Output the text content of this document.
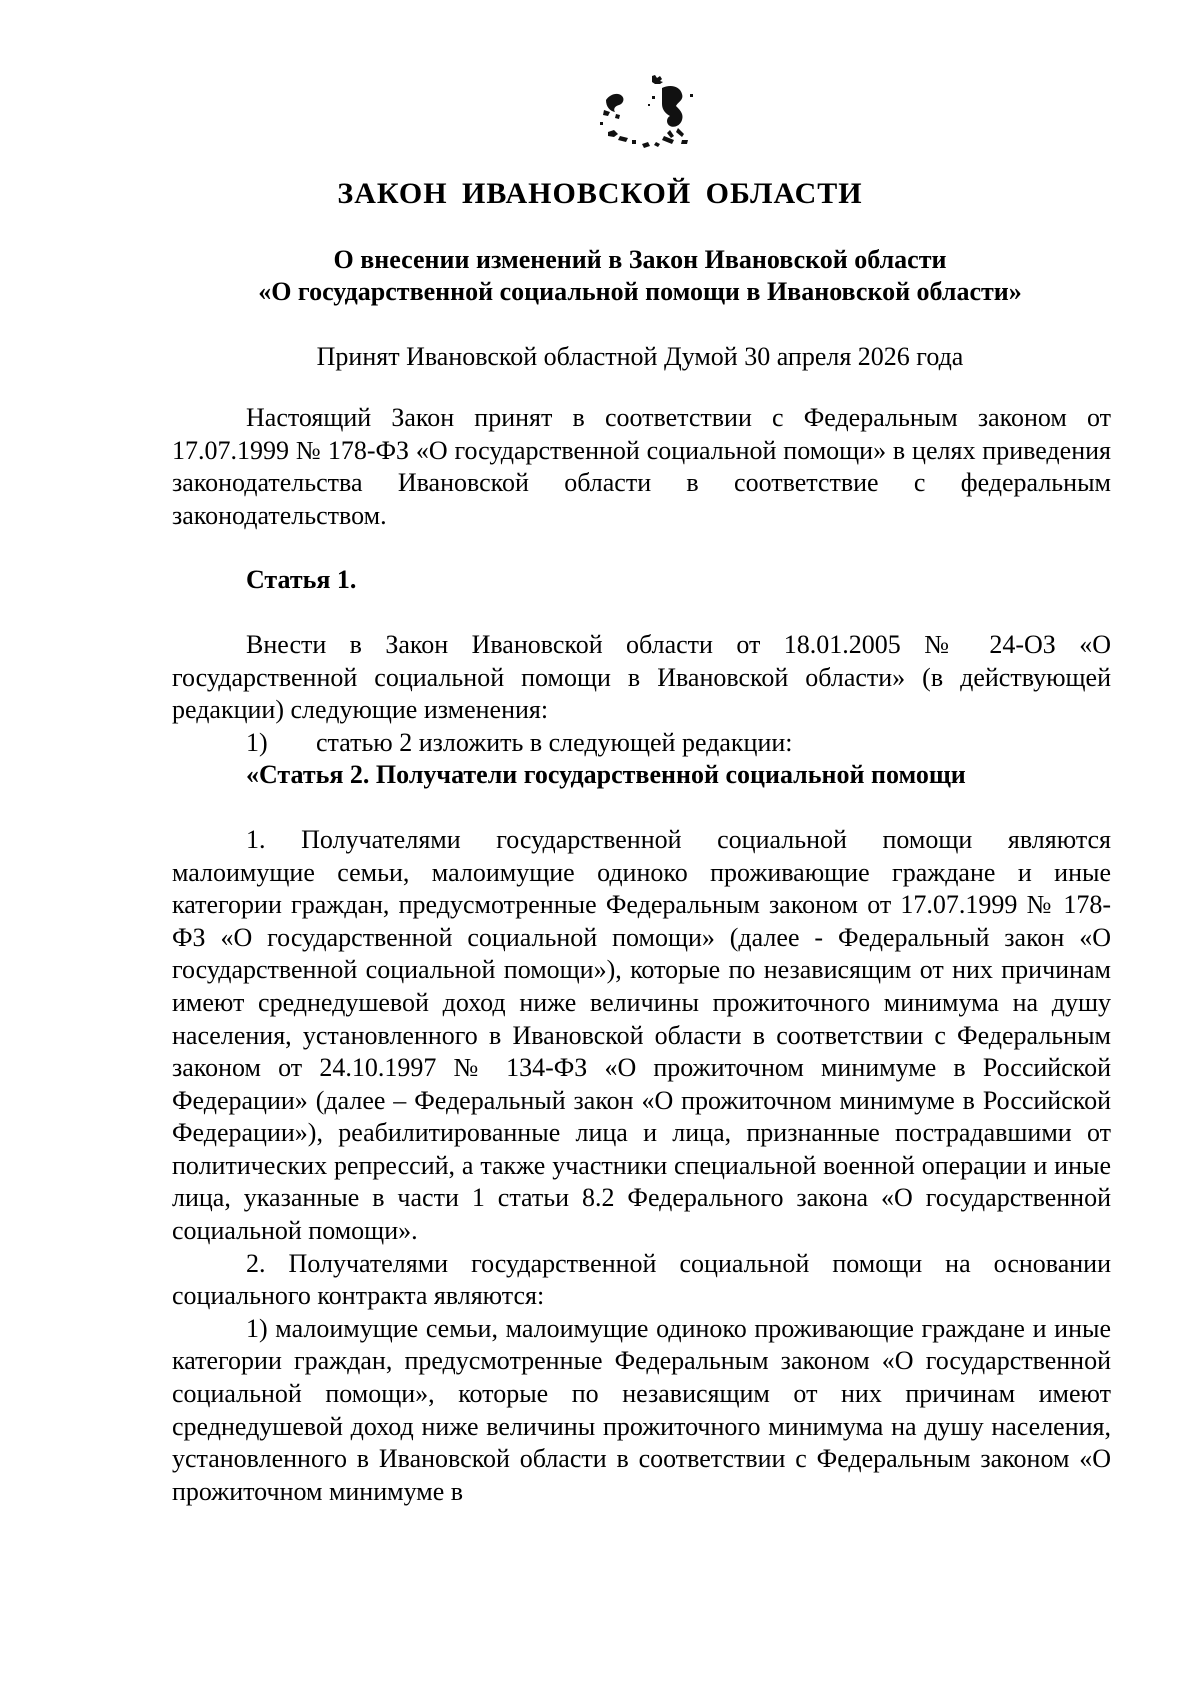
ЗАКОН ИВАНОВСКОЙ ОБЛАСТИ
О внесении изменений в Закон Ивановской области
«О государственной социальной помощи в Ивановской области»
Принят Ивановской областной Думой 30 апреля 2026 года

Настоящий Закон принят в соответствии с Федеральным законом от 17.07.1999 № 178-ФЗ «О государственной социальной помощи» в целях приведения законодательства Ивановской области в соответствие с федеральным законодательством.

Статья 1.

Внести в Закон Ивановской области от 18.01.2005 № 24-ОЗ «О государственной социальной помощи в Ивановской области» (в действующей редакции) следующие изменения:

1) статью 2 изложить в следующей редакции:

«Статья 2. Получатели государственной социальной помощи

1. Получателями государственной социальной помощи являются малоимущие семьи, малоимущие одиноко проживающие граждане и иные категории граждан, предусмотренные Федеральным законом от 17.07.1999 № 178-ФЗ «О государственной социальной помощи» (далее - Федеральный закон «О государственной социальной помощи»), которые по независящим от них причинам имеют среднедушевой доход ниже величины прожиточного минимума на душу населения, установленного в Ивановской области в соответствии с Федеральным законом от 24.10.1997 № 134-ФЗ «О прожиточном минимуме в Российской Федерации» (далее – Федеральный закон «О прожиточном минимуме в Российской Федерации»), реабилитированные лица и лица, признанные пострадавшими от политических репрессий, а также участники специальной военной операции и иные лица, указанные в части 1 статьи 8.2 Федерального закона «О государственной социальной помощи».

2. Получателями государственной социальной помощи на основании социального контракта являются:

1) малоимущие семьи, малоимущие одиноко проживающие граждане и иные категории граждан, предусмотренные Федеральным законом «О государственной социальной помощи», которые по независящим от них причинам имеют среднедушевой доход ниже величины прожиточного минимума на душу населения, установленного в Ивановской области в соответствии с Федеральным законом «О прожиточном минимуме в
